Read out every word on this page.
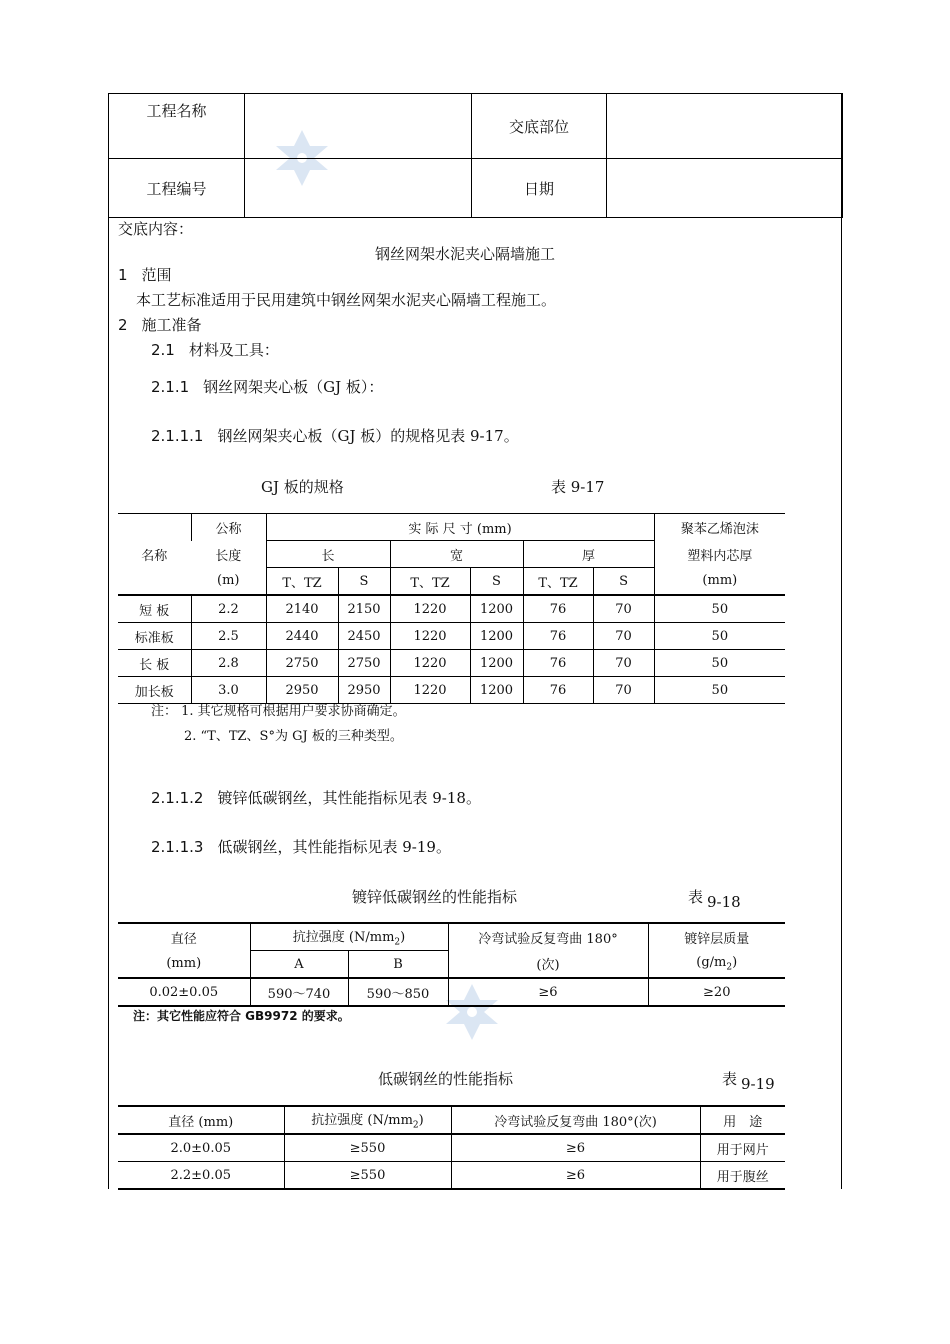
工程名称		交底部位	
工程编号		日期	
交底内容：
钢丝网架水泥夹心隔墙施工
1 范围
本工艺标准适用于民用建筑中钢丝网架水泥夹心隔墙工程施工。
2 施工准备
2.1 材料及工具：
2.1.1 钢丝网架夹心板（GJ 板）：
2.1.1.1 钢丝网架夹心板（GJ 板）的规格见表 9-17。
GJ 板的规格	表 9-17
名称	公称	实 际 尺 寸 (mm)						聚苯乙烯泡沫
	长度	长		宽		厚		塑料内芯厚
	(m)	T、TZ	S	T、TZ	S	T、TZ	S	(mm)
短 板	2.2	2140	2150	1220	1200	76	70	50
标准板	2.5	2440	2450	1220	1200	76	70	50
长 板	2.8	2750	2750	1220	1200	76	70	50
加长板	3.0	2950	2950	1220	1200	76	70	50
注： 1. 其它规格可根据用户要求协商确定。
2. “T、TZ、S°为 GJ 板的三种类型。
2.1.1.2 镀锌低碳钢丝，其性能指标见表 9-18。
2.1.1.3 低碳钢丝，其性能指标见表 9-19。
镀锌低碳钢丝的性能指标	表 9-18
直径	抗拉强度 $(N/mm_2)$		冷弯试验反复弯曲 180°	镀锌层质量
(mm)	A	B	(次)	$(g/m_2)$
0.02±0.05	590～740	590～850	≥6	≥20
注：其它性能应符合 GB9972 的要求。
低碳钢丝的性能指标	表 9-19
直径 (mm)	抗拉强度 $(N/mm_2)$	冷弯试验反复弯曲 180°(次)	用　途
2.0±0.05	≥550	≥6	用于网片
2.2±0.05	≥550	≥6	用于腹丝
